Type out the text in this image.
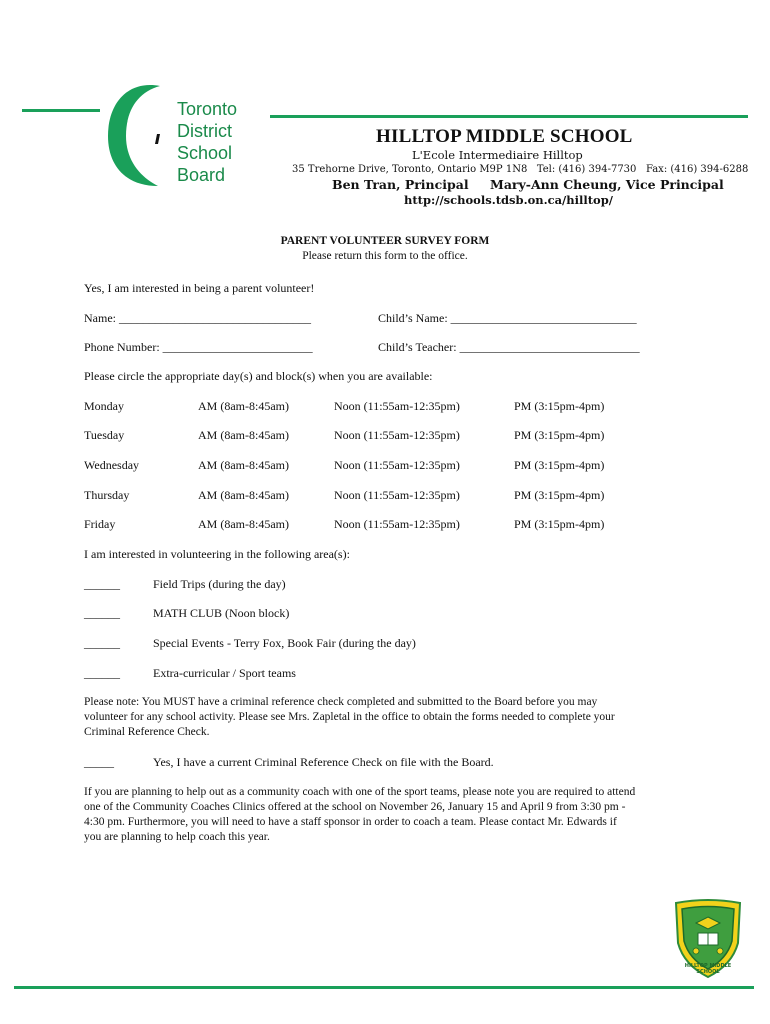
Toronto
District
School
Board
HILLTOP MIDDLE SCHOOL
L'Ecole Intermediaire Hilltop
35 Trehorne Drive, Toronto, Ontario M9P 1N8 Tel: (416) 394-7730 Fax: (416) 394-6288
Ben Tran, Principal Mary-Ann Cheung, Vice Principal
http://schools.tdsb.on.ca/hilltop/
PARENT VOLUNTEER SURVEY FORM
Please return this form to the office.
Yes, I am interested in being a parent volunteer!
Name: ________________________________	Child’s Name: _______________________________
Phone Number: _________________________	Child’s Teacher: ______________________________
Please circle the appropriate day(s) and block(s) when you are available:
Monday	AM (8am-8:45am)	Noon (11:55am-12:35pm)	PM (3:15pm-4pm)
Tuesday	AM (8am-8:45am)	Noon (11:55am-12:35pm)	PM (3:15pm-4pm)
Wednesday	AM (8am-8:45am)	Noon (11:55am-12:35pm)	PM (3:15pm-4pm)
Thursday	AM (8am-8:45am)	Noon (11:55am-12:35pm)	PM (3:15pm-4pm)
Friday	AM (8am-8:45am)	Noon (11:55am-12:35pm)	PM (3:15pm-4pm)
I am interested in volunteering in the following area(s):
______	Field Trips (during the day)
______	MATH CLUB (Noon block)
______	Special Events - Terry Fox, Book Fair (during the day)
______	Extra-curricular / Sport teams

Please note: You MUST have a criminal reference check completed and submitted to the Board before you may

volunteer for any school activity. Please see Mrs. Zapletal in the office to obtain the forms needed to complete your

Criminal Reference Check.

_____	Yes, I have a current Criminal Reference Check on file with the Board.

If you are planning to help out as a community coach with one of the sport teams, please note you are required to attend

one of the Community Coaches Clinics offered at the school on November 26, January 15 and April 9 from 3:30 pm -

4:30 pm. Furthermore, you will need to have a staff sponsor in order to coach a team. Please contact Mr. Edwards if

you are planning to help coach this year.

HILLTOP MIDDLE SCHOOL
